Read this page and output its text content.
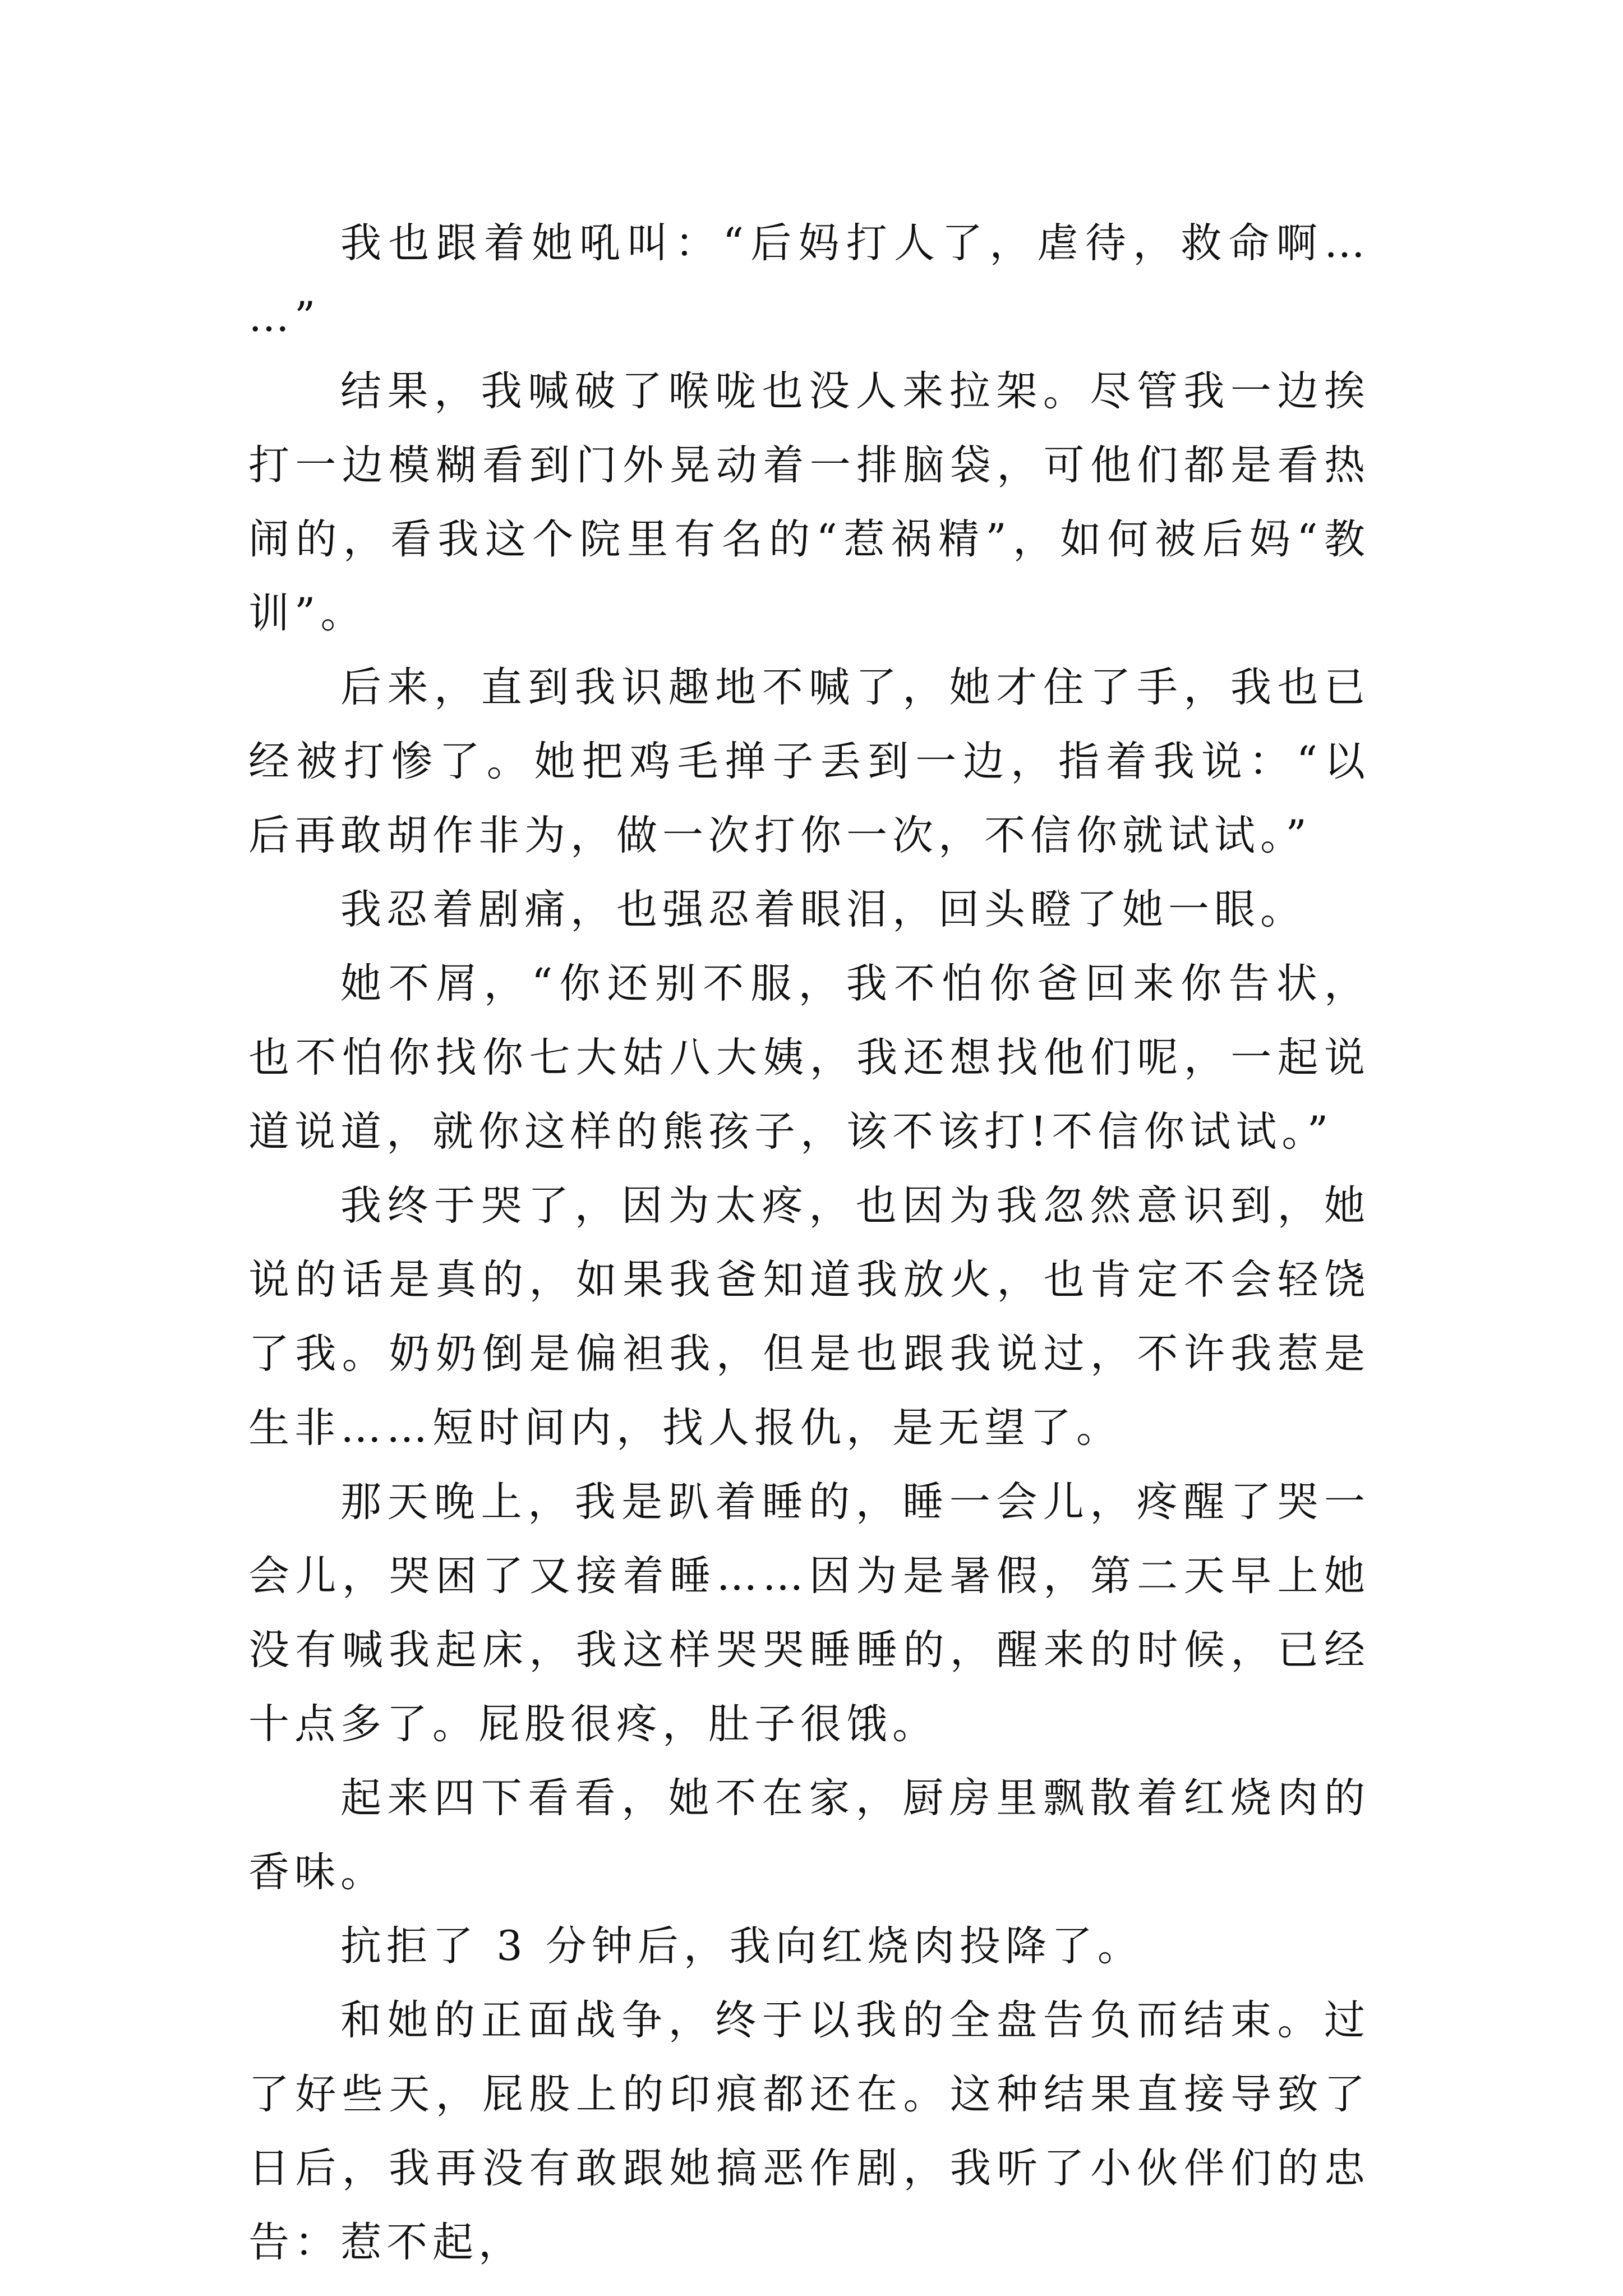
我也跟着她吼叫：“后妈打人了，虐待，救命啊……”

结果，我喊破了喉咙也没人来拉架。尽管我一边挨打一边模糊看到门外晃动着一排脑袋，可他们都是看热闹的，看我这个院里有名的“惹祸精”，如何被后妈“教训”。

后来，直到我识趣地不喊了，她才住了手，我也已经被打惨了。她把鸡毛掸子丢到一边，指着我说：“以后再敢胡作非为，做一次打你一次，不信你就试试。”

我忍着剧痛，也强忍着眼泪，回头瞪了她一眼。

她不屑，“你还别不服，我不怕你爸回来你告状，也不怕你找你七大姑八大姨，我还想找他们呢，一起说道说道，就你这样的熊孩子，该不该打!不信你试试。”

我终于哭了，因为太疼，也因为我忽然意识到，她说的话是真的，如果我爸知道我放火，也肯定不会轻饶了我。奶奶倒是偏袒我，但是也跟我说过，不许我惹是生非……短时间内，找人报仇，是无望了。

那天晚上，我是趴着睡的，睡一会儿，疼醒了哭一会儿，哭困了又接着睡……因为是暑假，第二天早上她没有喊我起床，我这样哭哭睡睡的，醒来的时候，已经十点多了。屁股很疼，肚子很饿。

起来四下看看，她不在家，厨房里飘散着红烧肉的香味。

抗拒了 3 分钟后，我向红烧肉投降了。

和她的正面战争，终于以我的全盘告负而结束。过了好些天，屁股上的印痕都还在。这种结果直接导致了日后，我再没有敢跟她搞恶作剧，我听了小伙伴们的忠告：惹不起，
